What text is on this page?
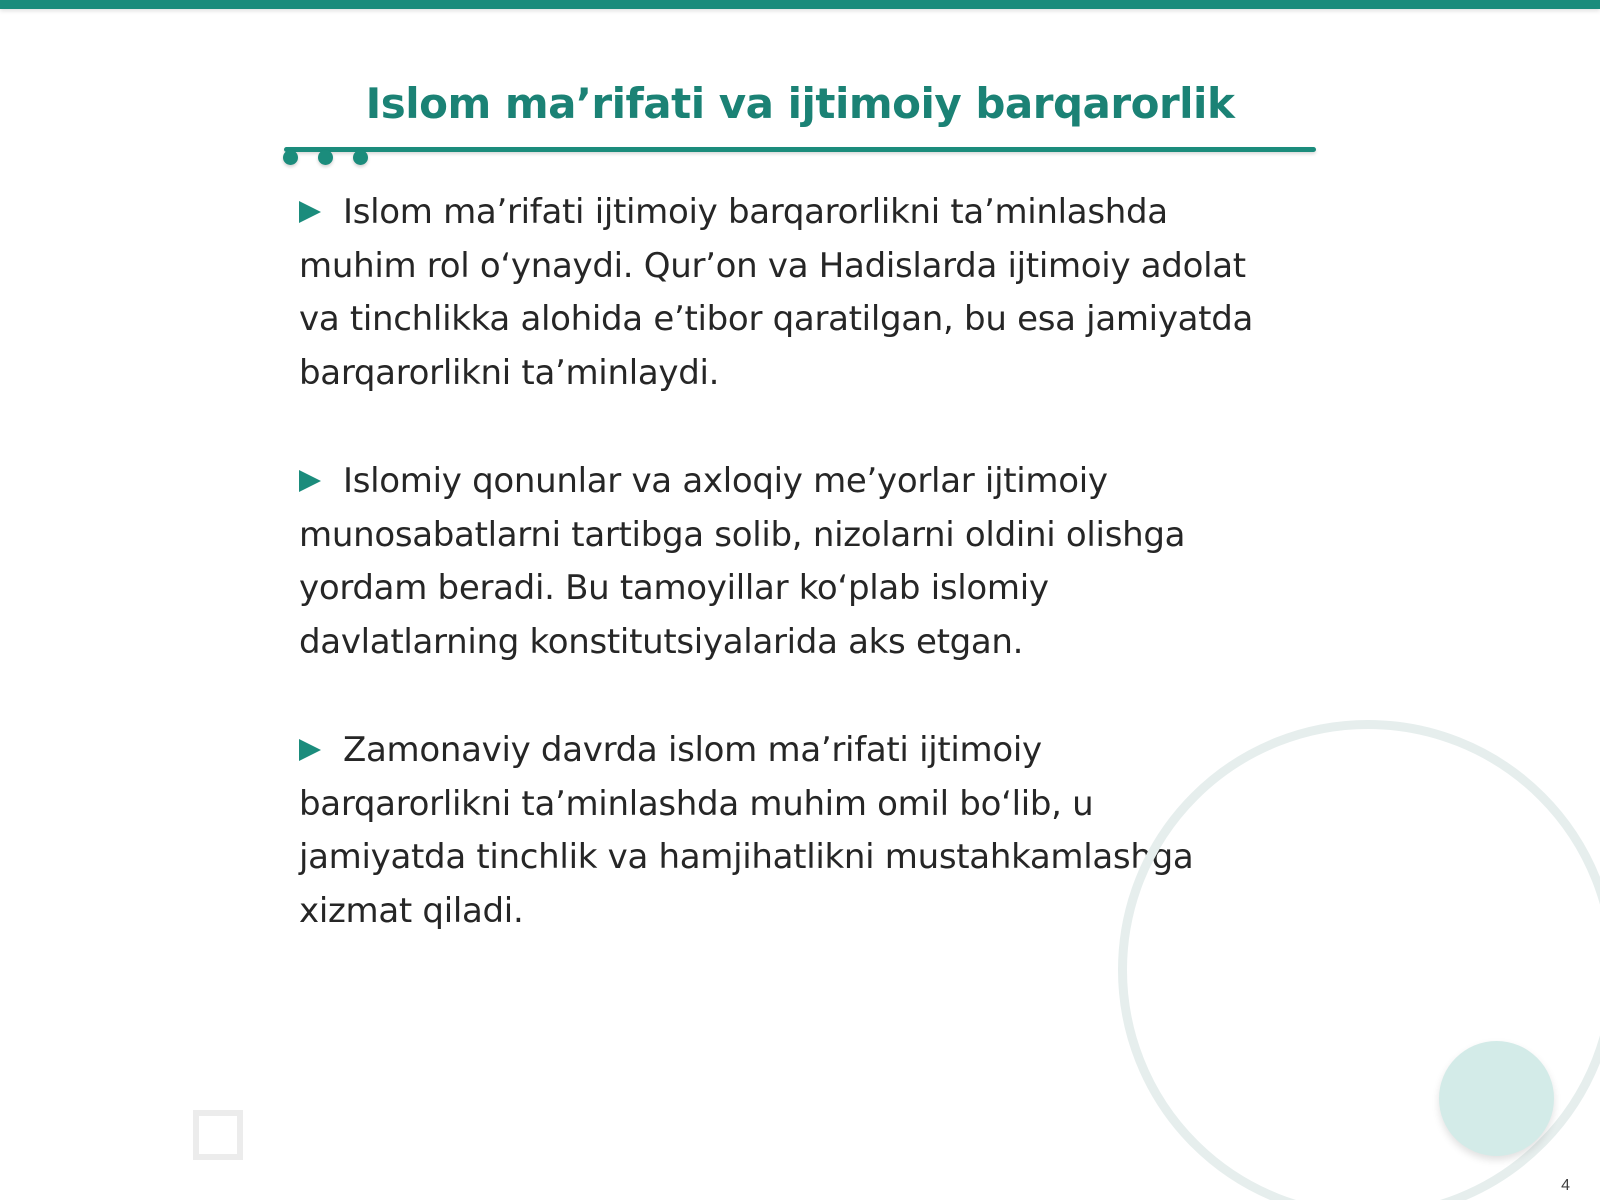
Islom ma’rifati va ijtimoiy barqarorlik

Islom ma’rifati ijtimoiy barqarorlikni ta’minlashda muhim rol o‘ynaydi. Qur’on va Hadislarda ijtimoiy adolat va tinchlikka alohida e’tibor qaratilgan, bu esa jamiyatda barqarorlikni ta’minlaydi.

Islomiy qonunlar va axloqiy me’yorlar ijtimoiy munosabatlarni tartibga solib, nizolarni oldini olishga yordam beradi. Bu tamoyillar ko‘plab islomiy davlatlarning konstitutsiyalarida aks etgan.

Zamonaviy davrda islom ma’rifati ijtimoiy barqarorlikni ta’minlashda muhim omil bo‘lib, u jamiyatda tinchlik va hamjihatlikni mustahkamlashga xizmat qiladi.

4
